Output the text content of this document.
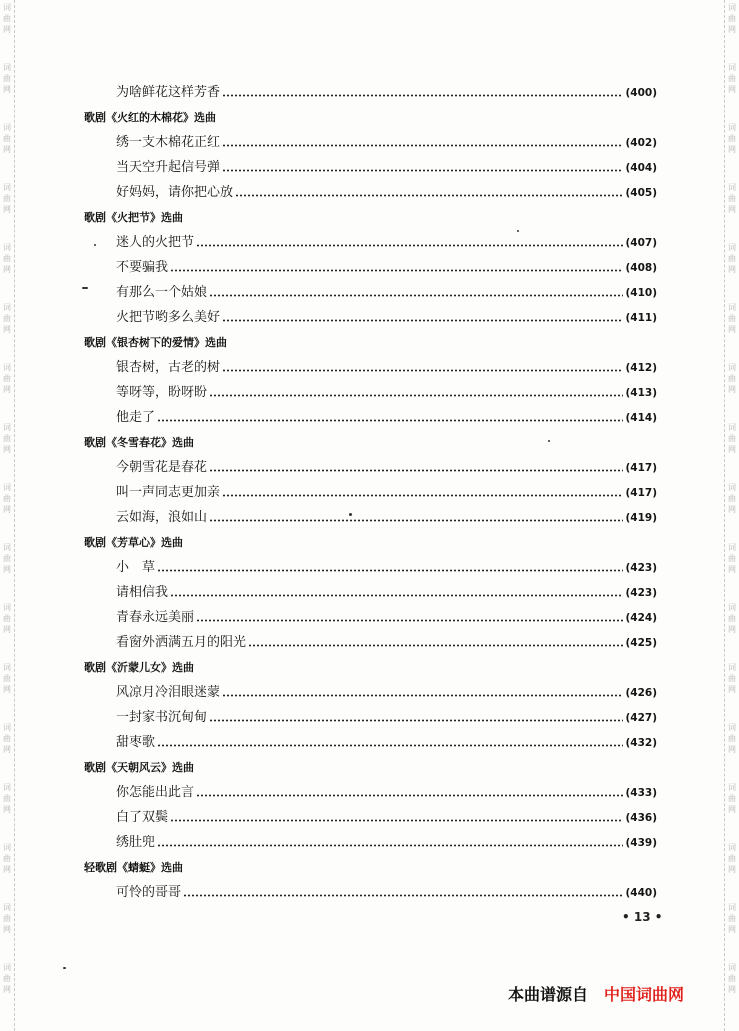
词曲网
词曲网
词曲网
词曲网
词曲网
词曲网
词曲网
词曲网
词曲网
词曲网
词曲网
词曲网
词曲网
词曲网
词曲网
词曲网
词曲网
词曲网
词曲网
词曲网
词曲网
词曲网
词曲网
词曲网
词曲网
词曲网
词曲网
词曲网
词曲网
词曲网
词曲网
词曲网
词曲网
词曲网
为啥鲜花这样芳香	(400)
歌剧《火红的木棉花》选曲
绣一支木棉花正红	(402)
当天空升起信号弹	(404)
好妈妈，请你把心放	(405)
歌剧《火把节》选曲
迷人的火把节	(407)
不要骗我	(408)
有那么一个姑娘	(410)
火把节哟多么美好	(411)
歌剧《银杏树下的爱情》选曲
银杏树，古老的树	(412)
等呀等，盼呀盼	(413)
他走了	(414)
歌剧《冬雪春花》选曲
今朝雪花是春花	(417)
叫一声同志更加亲	(417)
云如海，浪如山	(419)
歌剧《芳草心》选曲
小　草	(423)
请相信我	(423)
青春永远美丽	(424)
看窗外洒满五月的阳光	(425)
歌剧《沂蒙儿女》选曲
风凉月冷泪眼迷蒙	(426)
一封家书沉甸甸	(427)
甜枣歌	(432)
歌剧《天朝风云》选曲
你怎能出此言	(433)
白了双鬓	(436)
绣肚兜	(439)
轻歌剧《蜻蜓》选曲
可怜的哥哥	(440)
• 13 •
本曲谱源自 中国词曲网
